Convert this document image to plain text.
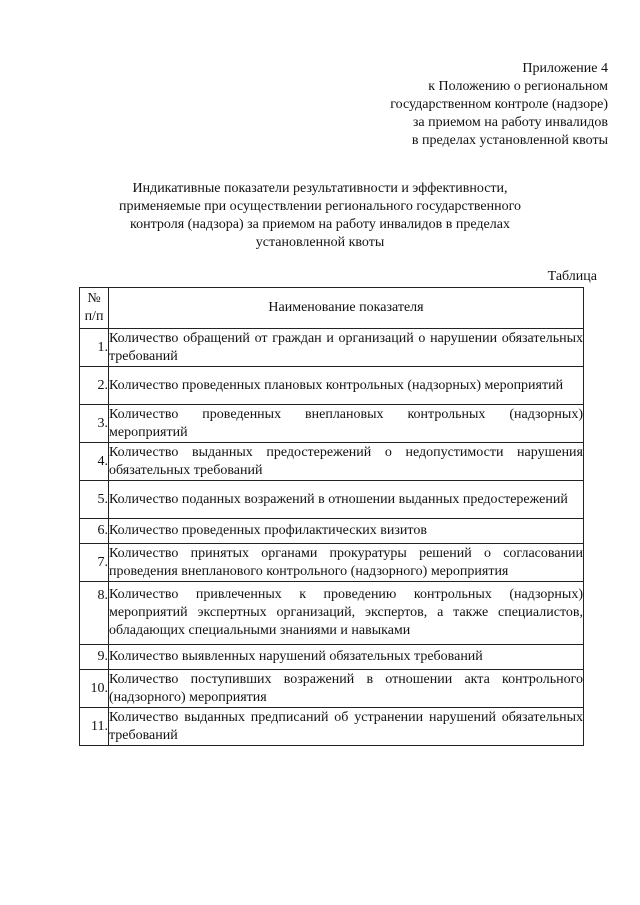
Приложение 4
к Положению о региональном
государственном контроле (надзоре)
за приемом на работу инвалидов
в пределах установленной квоты
Индикативные показатели результативности и эффективности,
применяемые при осуществлении регионального государственного
контроля (надзора) за приемом на работу инвалидов в пределах
установленной квоты
Таблица
№
п/п	Наименование показателя
1.	Количество обращений от граждан и организаций о нарушении обязательных требований
2.	Количество проведенных плановых контрольных (надзорных) мероприятий
3.	Количество проведенных внеплановых контрольных (надзорных) мероприятий
4.	Количество выданных предостережений о недопустимости нарушения обязательных требований
5.	Количество поданных возражений в отношении выданных предостережений
6.	Количество проведенных профилактических визитов
7.	Количество принятых органами прокуратуры решений о согласовании проведения внепланового контрольного (надзорного) мероприятия
8.	Количество привлеченных к проведению контрольных (надзорных) мероприятий экспертных организаций, экспертов, а также специалистов, обладающих специальными знаниями и навыками
9.	Количество выявленных нарушений обязательных требований
10.	Количество поступивших возражений в отношении акта контрольного (надзорного) мероприятия
11.	Количество выданных предписаний об устранении нарушений обязательных требований
